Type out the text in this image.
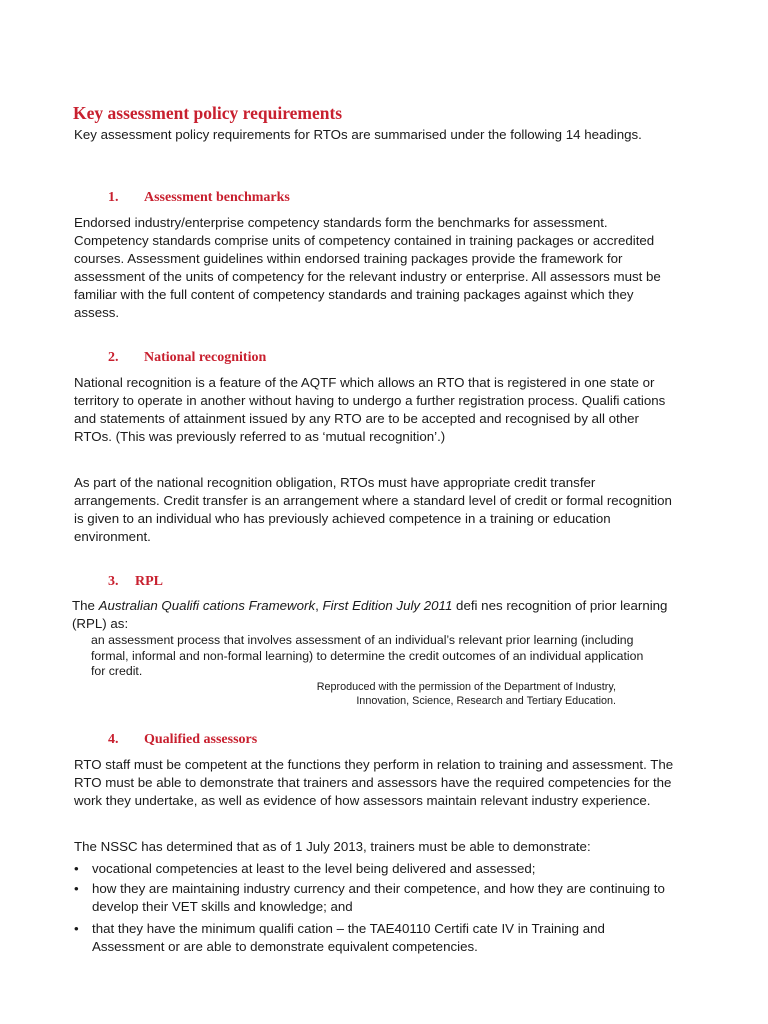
Key assessment policy requirements

Key assessment policy requirements for RTOs are summarised under the following 14 headings.

1. Assessment benchmarks

Endorsed industry/enterprise competency standards form the benchmarks for assessment. Competency standards comprise units of competency contained in training packages or accredited courses. Assessment guidelines within endorsed training packages provide the framework for assessment of the units of competency for the relevant industry or enterprise. All assessors must be familiar with the full content of competency standards and training packages against which they assess.

2. National recognition

National recognition is a feature of the AQTF which allows an RTO that is registered in one state or territory to operate in another without having to undergo a further registration process. Qualifi cations and statements of attainment issued by any RTO are to be accepted and recognised by all other RTOs. (This was previously referred to as ‘mutual recognition’.)

As part of the national recognition obligation, RTOs must have appropriate credit transfer arrangements. Credit transfer is an arrangement where a standard level of credit or formal recognition is given to an individual who has previously achieved competence in a training or education environment.

3. RPL

The Australian Qualifi cations Framework, First Edition July 2011 defi nes recognition of prior learning (RPL) as:

an assessment process that involves assessment of an individual’s relevant prior learning (including formal, informal and non-formal learning) to determine the credit outcomes of an individual application for credit.

Reproduced with the permission of the Department of Industry, Innovation, Science, Research and Tertiary Education.

4. Qualified assessors

RTO staff must be competent at the functions they perform in relation to training and assessment. The RTO must be able to demonstrate that trainers and assessors have the required competencies for the work they undertake, as well as evidence of how assessors maintain relevant industry experience.

The NSSC has determined that as of 1 July 2013, trainers must be able to demonstrate:

• vocational competencies at least to the level being delivered and assessed;
• how they are maintaining industry currency and their competence, and how they are continuing to develop their VET skills and knowledge; and
• that they have the minimum qualifi cation – the TAE40110 Certifi cate IV in Training and Assessment or are able to demonstrate equivalent competencies.
